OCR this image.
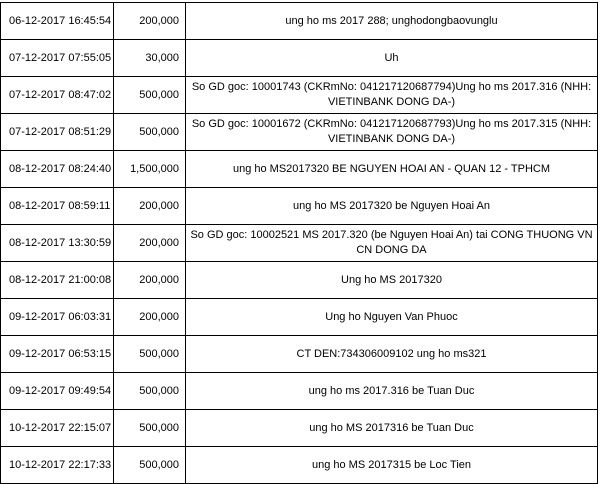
06-12-2017 16:45:54	200,000	ung ho ms 2017 288; unghodongbaovunglu
07-12-2017 07:55:05	30,000	Uh
07-12-2017 08:47:02	500,000	So GD goc: 10001743 (CKRmNo: 041217120687794)Ung ho ms 2017.316 (NHH: VIETINBANK DONG DA-)
07-12-2017 08:51:29	500,000	So GD goc: 10001672 (CKRmNo: 041217120687793)Ung ho ms 2017.315 (NHH: VIETINBANK DONG DA-)
08-12-2017 08:24:40	1,500,000	ung ho MS2017320 BE NGUYEN HOAI AN - QUAN 12 - TPHCM
08-12-2017 08:59:11	200,000	ung ho MS 2017320 be Nguyen Hoai An
08-12-2017 13:30:59	200,000	So GD goc: 10002521 MS 2017.320 (be Nguyen Hoai An) tai CONG THUONG VN CN DONG DA
08-12-2017 21:00:08	200,000	Ung ho MS 2017320
09-12-2017 06:03:31	200,000	Ung ho Nguyen Van Phuoc
09-12-2017 06:53:15	500,000	CT DEN:734306009102 ung ho ms321
09-12-2017 09:49:54	500,000	ung ho ms 2017.316 be Tuan Duc
10-12-2017 22:15:07	500,000	ung ho MS 2017316 be Tuan Duc
10-12-2017 22:17:33	500,000	ung ho MS 2017315 be Loc Tien
